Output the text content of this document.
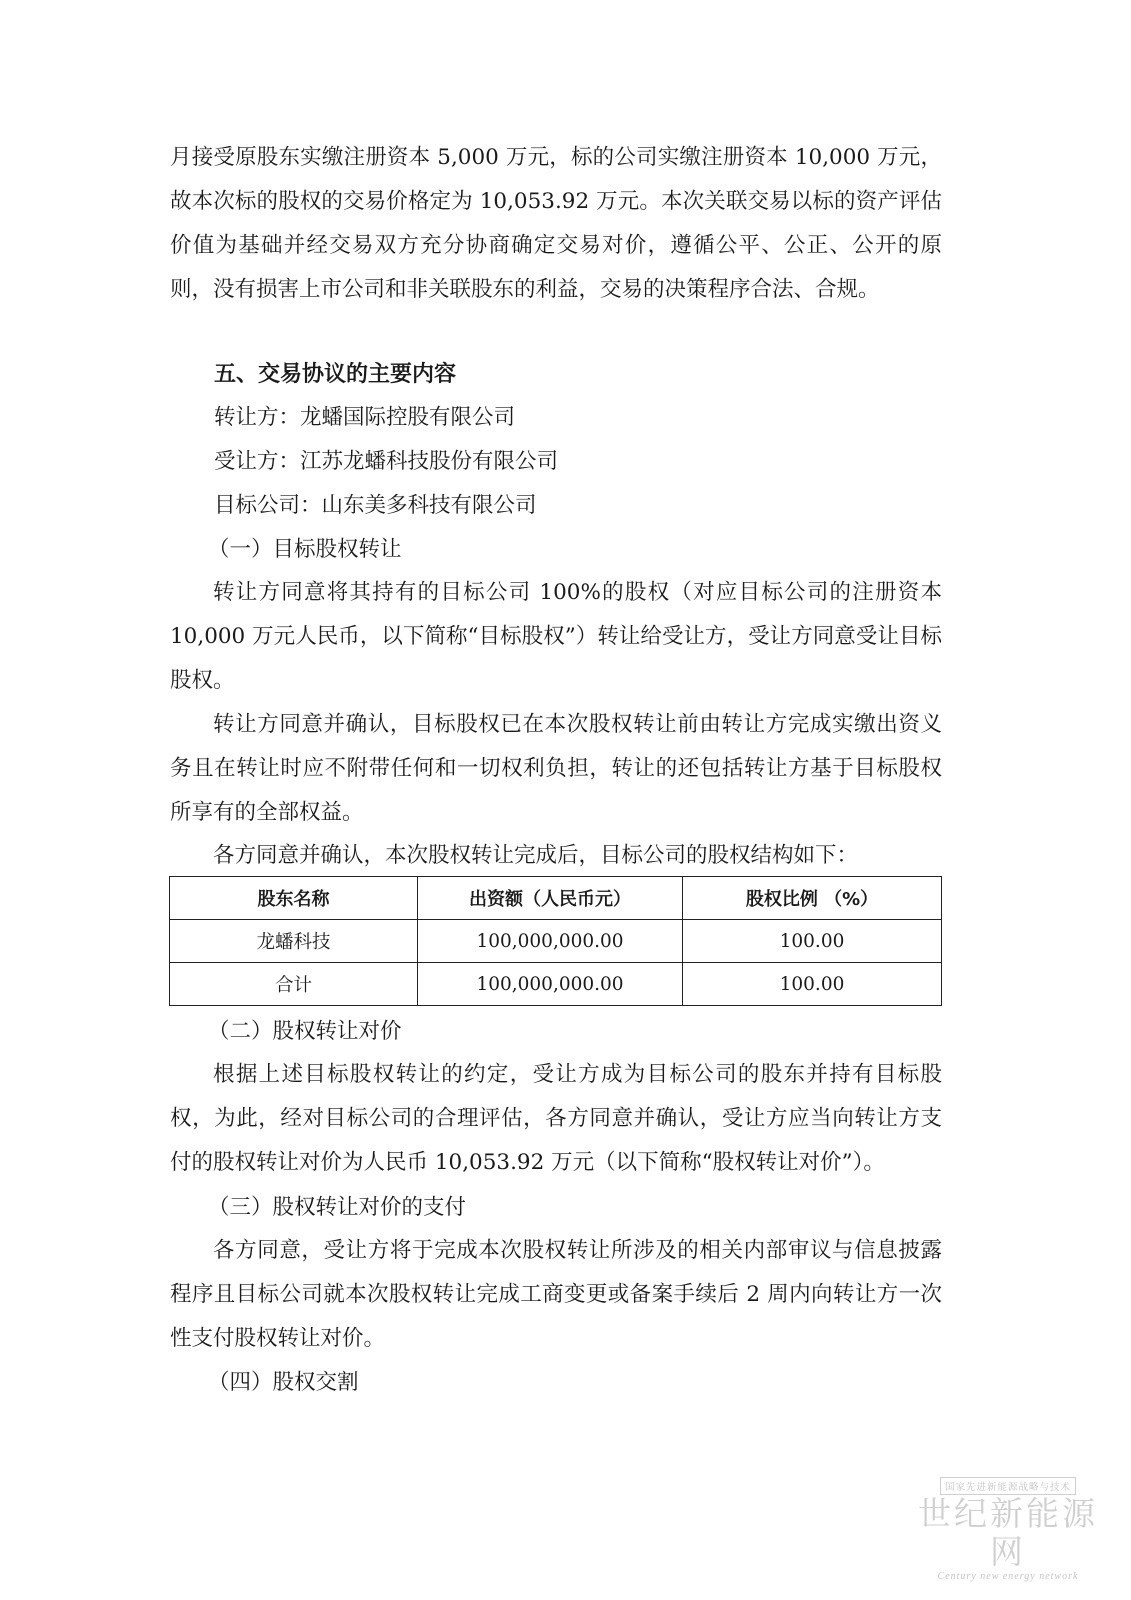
月接受原股东实缴注册资本 5,000 万元，标的公司实缴注册资本 10,000 万元，故本次标的股权的交易价格定为 10,053.92 万元。本次关联交易以标的资产评估价值为基础并经交易双方充分协商确定交易对价，遵循公平、公正、公开的原则，没有损害上市公司和非关联股东的利益，交易的决策程序合法、合规。

五、交易协议的主要内容

转让方：龙蟠国际控股有限公司

受让方：江苏龙蟠科技股份有限公司

目标公司：山东美多科技有限公司

（一）目标股权转让

转让方同意将其持有的目标公司 100%的股权（对应目标公司的注册资本 10,000 万元人民币，以下简称“目标股权”）转让给受让方，受让方同意受让目标股权。

转让方同意并确认，目标股权已在本次股权转让前由转让方完成实缴出资义务且在转让时应不附带任何和一切权利负担，转让的还包括转让方基于目标股权所享有的全部权益。

各方同意并确认，本次股权转让完成后，目标公司的股权结构如下：

股东名称	出资额（人民币元）	股权比例 （%）
龙蟠科技	100,000,000.00	100.00
合计	100,000,000.00	100.00

（二）股权转让对价

根据上述目标股权转让的约定，受让方成为目标公司的股东并持有目标股权，为此，经对目标公司的合理评估，各方同意并确认，受让方应当向转让方支付的股权转让对价为人民币 10,053.92 万元（以下简称“股权转让对价”）。

（三）股权转让对价的支付

各方同意，受让方将于完成本次股权转让所涉及的相关内部审议与信息披露程序且目标公司就本次股权转让完成工商变更或备案手续后 2 周内向转让方一次性支付股权转让对价。

（四）股权交割

国家先进新能源战略与技术
世纪新能源网
Century new energy network
